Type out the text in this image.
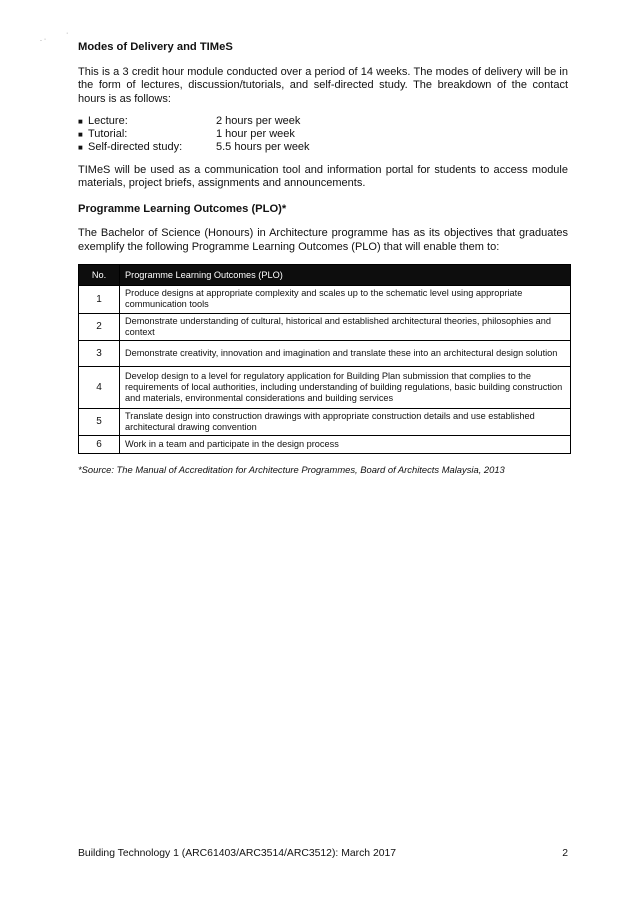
. ·
·
Modes of Delivery and TIMeS

This is a 3 credit hour module conducted over a period of 14 weeks. The modes of delivery will be in the form of lectures, discussion/tutorials, and self-directed study. The breakdown of the contact hours is as follows:

■ Lecture:	2 hours per week
■ Tutorial:	1 hour per week
■ Self-directed study:	5.5 hours per week

TIMeS will be used as a communication tool and information portal for students to access module materials, project briefs, assignments and announcements.

Programme Learning Outcomes (PLO)*

The Bachelor of Science (Honours) in Architecture programme has as its objectives that graduates exemplify the following Programme Learning Outcomes (PLO) that will enable them to:

No.	Programme Learning Outcomes (PLO)
1	Produce designs at appropriate complexity and scales up to the schematic level using appropriate communication tools
2	Demonstrate understanding of cultural, historical and established architectural theories, philosophies and context
3	Demonstrate creativity, innovation and imagination and translate these into an architectural design solution
4	Develop design to a level for regulatory application for Building Plan submission that complies to the requirements of local authorities, including understanding of building regulations, basic building construction and materials, environmental considerations and building services
5	Translate design into construction drawings with appropriate construction details and use established architectural drawing convention
6	Work in a team and participate in the design process
*Source: The Manual of Accreditation for Architecture Programmes, Board of Architects Malaysia, 2013
Building Technology 1 (ARC61403/ARC3514/ARC3512): March 2017	2
